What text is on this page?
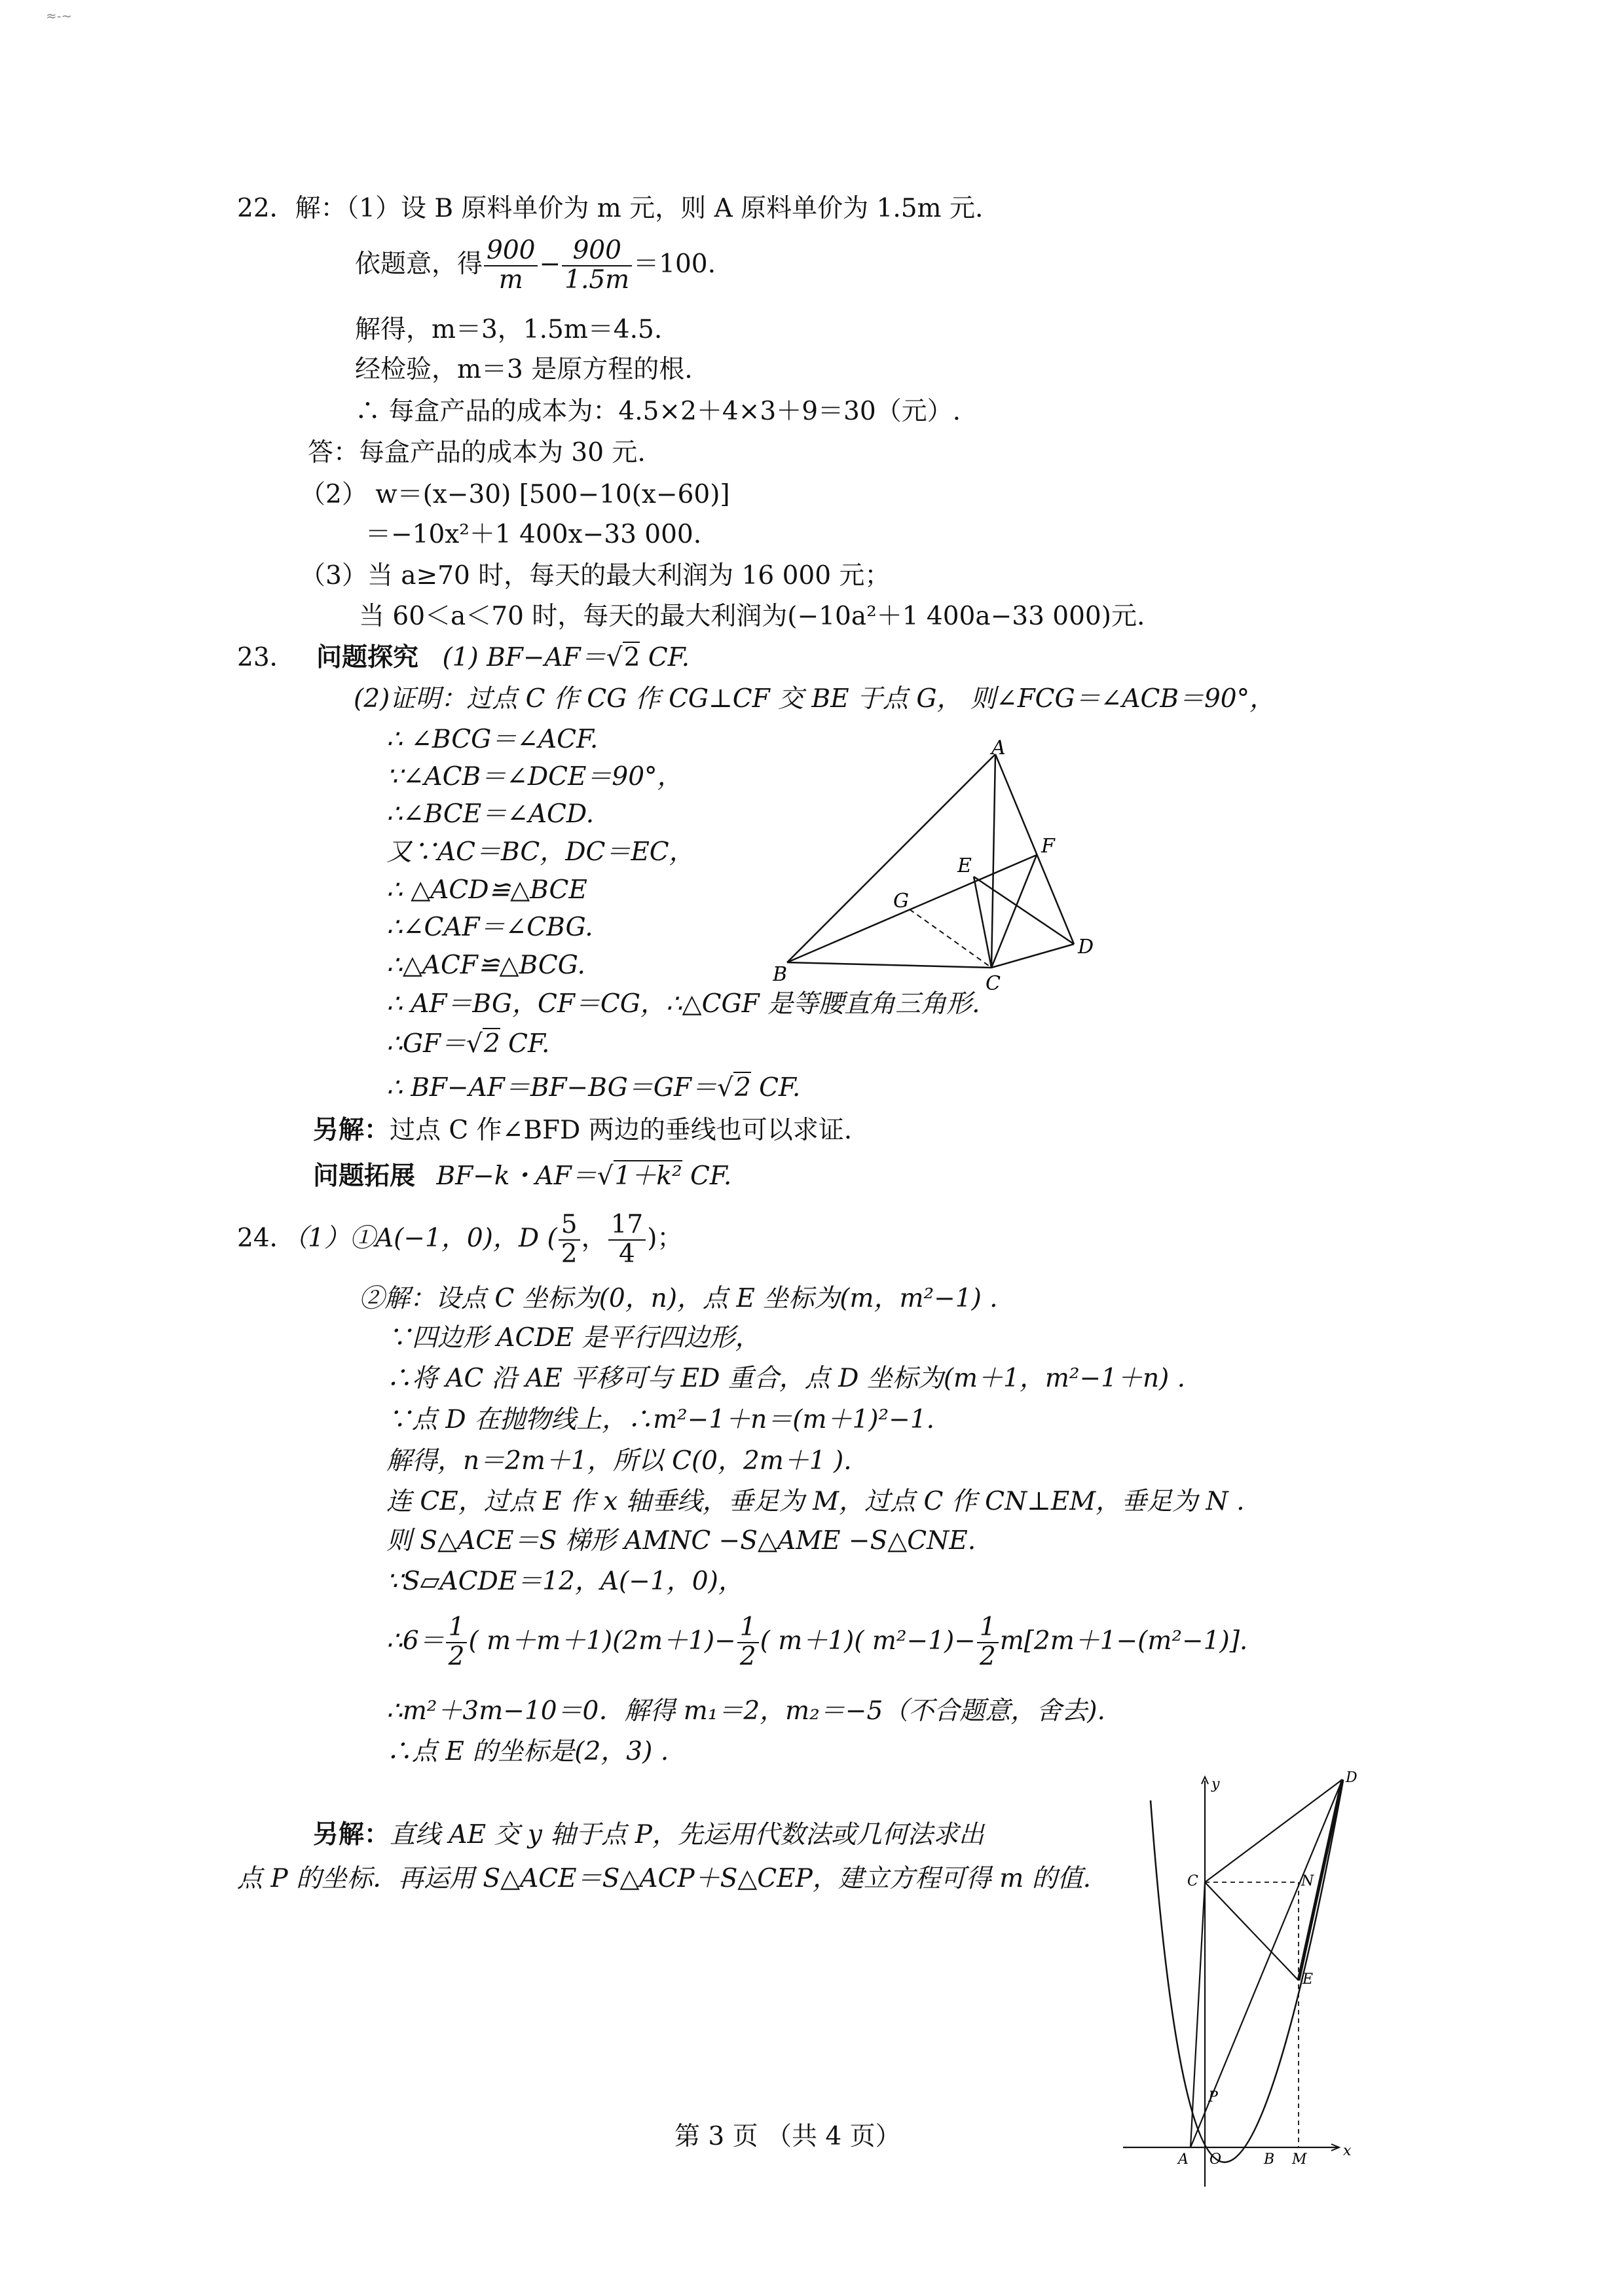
≈-~
22．解：（1）设 B 原料单价为 m 元，则 A 原料单价为 1.5m 元.
依题意，得 $\frac{900}{m} - \frac{900}{1.5m} =100$.
解得，m＝3，1.5m＝4.5.
经检验，m＝3 是原方程的根.
∴ 每盒产品的成本为：4.5×2＋4×3＋9＝30（元）.
答：每盒产品的成本为 30 元.
（2） w＝(x−30) [500−10(x−60)]
＝−10x²＋1 400x−33 000.
（3）当 a≥70 时，每天的最大利润为 16 000 元；
当 60＜a＜70 时，每天的最大利润为(−10a²＋1 400a−33 000)元.
23． 问题探究 (1) BF−AF＝√2 CF.
(2)证明：过点 C 作 CG 作 CG⊥CF 交 BE 于点 G， 则∠FCG＝∠ACB＝90°，
∴ ∠BCG＝∠ACF.
∵∠ACB＝∠DCE＝90°，
∴∠BCE＝∠ACD.
又∵AC＝BC，DC＝EC，
∴ △ACD≌△BCE
∴∠CAF＝∠CBG.
∴△ACF≌△BCG.
∴ AF＝BG，CF＝CG，∴△CGF 是等腰直角三角形.
∴GF＝√2 CF.
∴ BF−AF＝BF−BG＝GF＝√2 CF.
另解：过点 C 作∠BFD 两边的垂线也可以求证.
问题拓展 BF−k・AF＝√1＋k² CF.
A
B	C
D
E
F
G
24．（1）①A(−1，0)，D ( $\frac{5}{2}$ ， $\frac{17}{4}$ )；
②解：设点 C 坐标为(0，n)，点 E 坐标为(m，m²−1) .
∵四边形 ACDE 是平行四边形，
∴将 AC 沿 AE 平移可与 ED 重合，点 D 坐标为(m＋1，m²−1＋n) .
∵点 D 在抛物线上，∴m²−1＋n＝(m＋1)²−1.
解得，n＝2m＋1，所以 C(0，2m＋1 ).
连 CE，过点 E 作 x 轴垂线，垂足为 M，过点 C 作 CN⊥EM，垂足为 N .
则 S△ACE＝S 梯形 AMNC −S△AME −S△CNE.
∵S▱ACDE＝12，A(−1，0)，
∴6＝ $\frac{1}{2}$ ( $m+m+1)(2m+1)- \frac{1}{2}$ ( m＋1)( $m^2-1)- \frac{1}{2} m[2m+1-(m^2-1)]$.
∴m²＋3m−10＝0．解得 m₁＝2，m₂＝−5（不合题意，舍去).
∴点 E 的坐标是(2，3) .
另解：直线 AE 交 y 轴于点 P，先运用代数法或几何法求出
点 P 的坐标．再运用 S△ACE＝S△ACP＋S△CEP，建立方程可得 m 的值.
y
x
D
C	N
E
P
A O	B M
第 3 页 （共 4 页）
